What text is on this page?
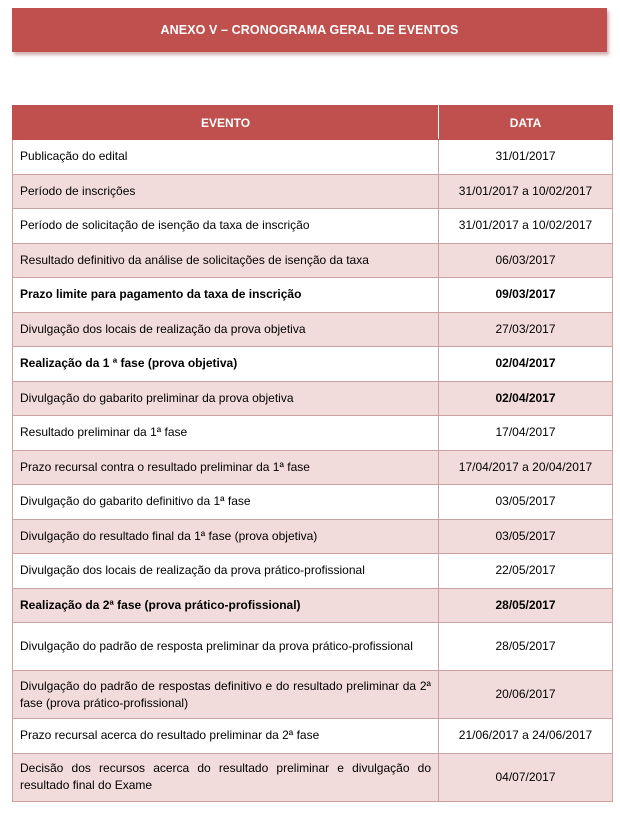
ANEXO V – CRONOGRAMA GERAL DE EVENTOS
EVENTO	DATA
Publicação do edital	31/01/2017
Período de inscrições	31/01/2017 a 10/02/2017
Período de solicitação de isenção da taxa de inscrição	31/01/2017 a 10/02/2017
Resultado definitivo da análise de solicitações de isenção da taxa	06/03/2017
Prazo limite para pagamento da taxa de inscrição	09/03/2017
Divulgação dos locais de realização da prova objetiva	27/03/2017
Realização da 1 ª fase (prova objetiva)	02/04/2017
Divulgação do gabarito preliminar da prova objetiva	02/04/2017
Resultado preliminar da 1ª fase	17/04/2017
Prazo recursal contra o resultado preliminar da 1ª fase	17/04/2017 a 20/04/2017
Divulgação do gabarito definitivo da 1ª fase	03/05/2017
Divulgação do resultado final da 1ª fase (prova objetiva)	03/05/2017
Divulgação dos locais de realização da prova prático-profissional	22/05/2017
Realização da 2ª fase (prova prático-profissional)	28/05/2017
Divulgação do padrão de resposta preliminar da prova prático-profissional	28/05/2017
Divulgação do padrão de respostas definitivo e do resultado preliminar da 2ª fase (prova prático-profissional)	20/06/2017
Prazo recursal acerca do resultado preliminar da 2ª fase	21/06/2017 a 24/06/2017
Decisão dos recursos acerca do resultado preliminar e divulgação do resultado final do Exame	04/07/2017
